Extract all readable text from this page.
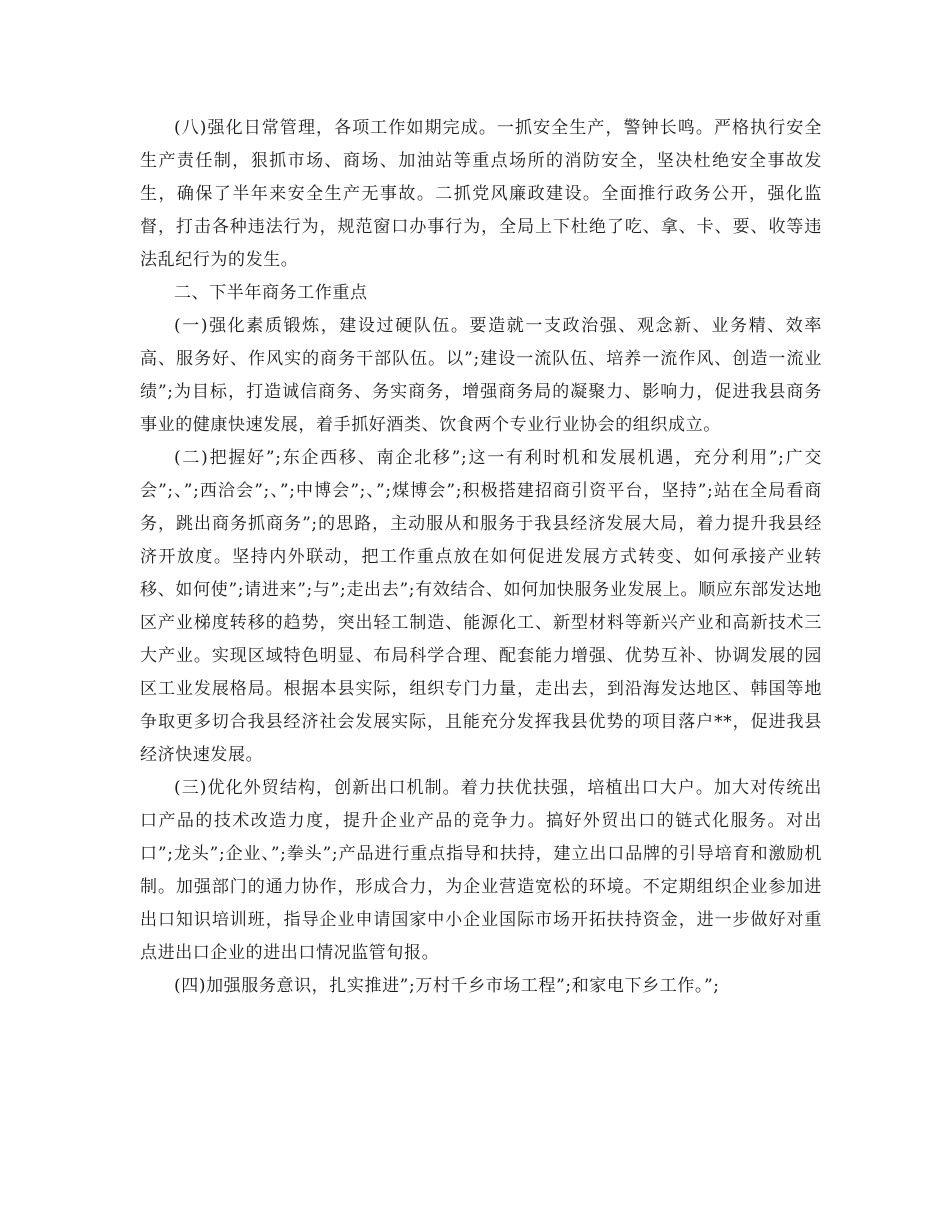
(八)强化日常管理，各项工作如期完成。一抓安全生产，警钟长鸣。严格执行安全生产责任制，狠抓市场、商场、加油站等重点场所的消防安全，坚决杜绝安全事故发生，确保了半年来安全生产无事故。二抓党风廉政建设。全面推行政务公开，强化监督，打击各种违法行为，规范窗口办事行为，全局上下杜绝了吃、拿、卡、要、收等违法乱纪行为的发生。

二、下半年商务工作重点

(一)强化素质锻炼，建设过硬队伍。要造就一支政治强、观念新、业务精、效率高、服务好、作风实的商务干部队伍。以”;建设一流队伍、培养一流作风、创造一流业绩”;为目标，打造诚信商务、务实商务，增强商务局的凝聚力、影响力，促进我县商务事业的健康快速发展，着手抓好酒类、饮食两个专业行业协会的组织成立。

(二)把握好”;东企西移、南企北移”;这一有利时机和发展机遇，充分利用”;广交会”;、”;西洽会”;、”;中博会”;、”;煤博会”;积极搭建招商引资平台，坚持”;站在全局看商务，跳出商务抓商务”;的思路，主动服从和服务于我县经济发展大局，着力提升我县经济开放度。坚持内外联动，把工作重点放在如何促进发展方式转变、如何承接产业转移、如何使”;请进来”;与”;走出去”;有效结合、如何加快服务业发展上。顺应东部发达地区产业梯度转移的趋势，突出轻工制造、能源化工、新型材料等新兴产业和高新技术三大产业。实现区域特色明显、布局科学合理、配套能力增强、优势互补、协调发展的园区工业发展格局。根据本县实际，组织专门力量，走出去，到沿海发达地区、韩国等地争取更多切合我县经济社会发展实际，且能充分发挥我县优势的项目落户**，促进我县经济快速发展。

(三)优化外贸结构，创新出口机制。着力扶优扶强，培植出口大户。加大对传统出口产品的技术改造力度，提升企业产品的竞争力。搞好外贸出口的链式化服务。对出口”;龙头”;企业、”;拳头”;产品进行重点指导和扶持，建立出口品牌的引导培育和激励机制。加强部门的通力协作，形成合力，为企业营造宽松的环境。不定期组织企业参加进出口知识培训班，指导企业申请国家中小企业国际市场开拓扶持资金，进一步做好对重点进出口企业的进出口情况监管旬报。

(四)加强服务意识，扎实推进”;万村千乡市场工程”;和家电下乡工作。”;
